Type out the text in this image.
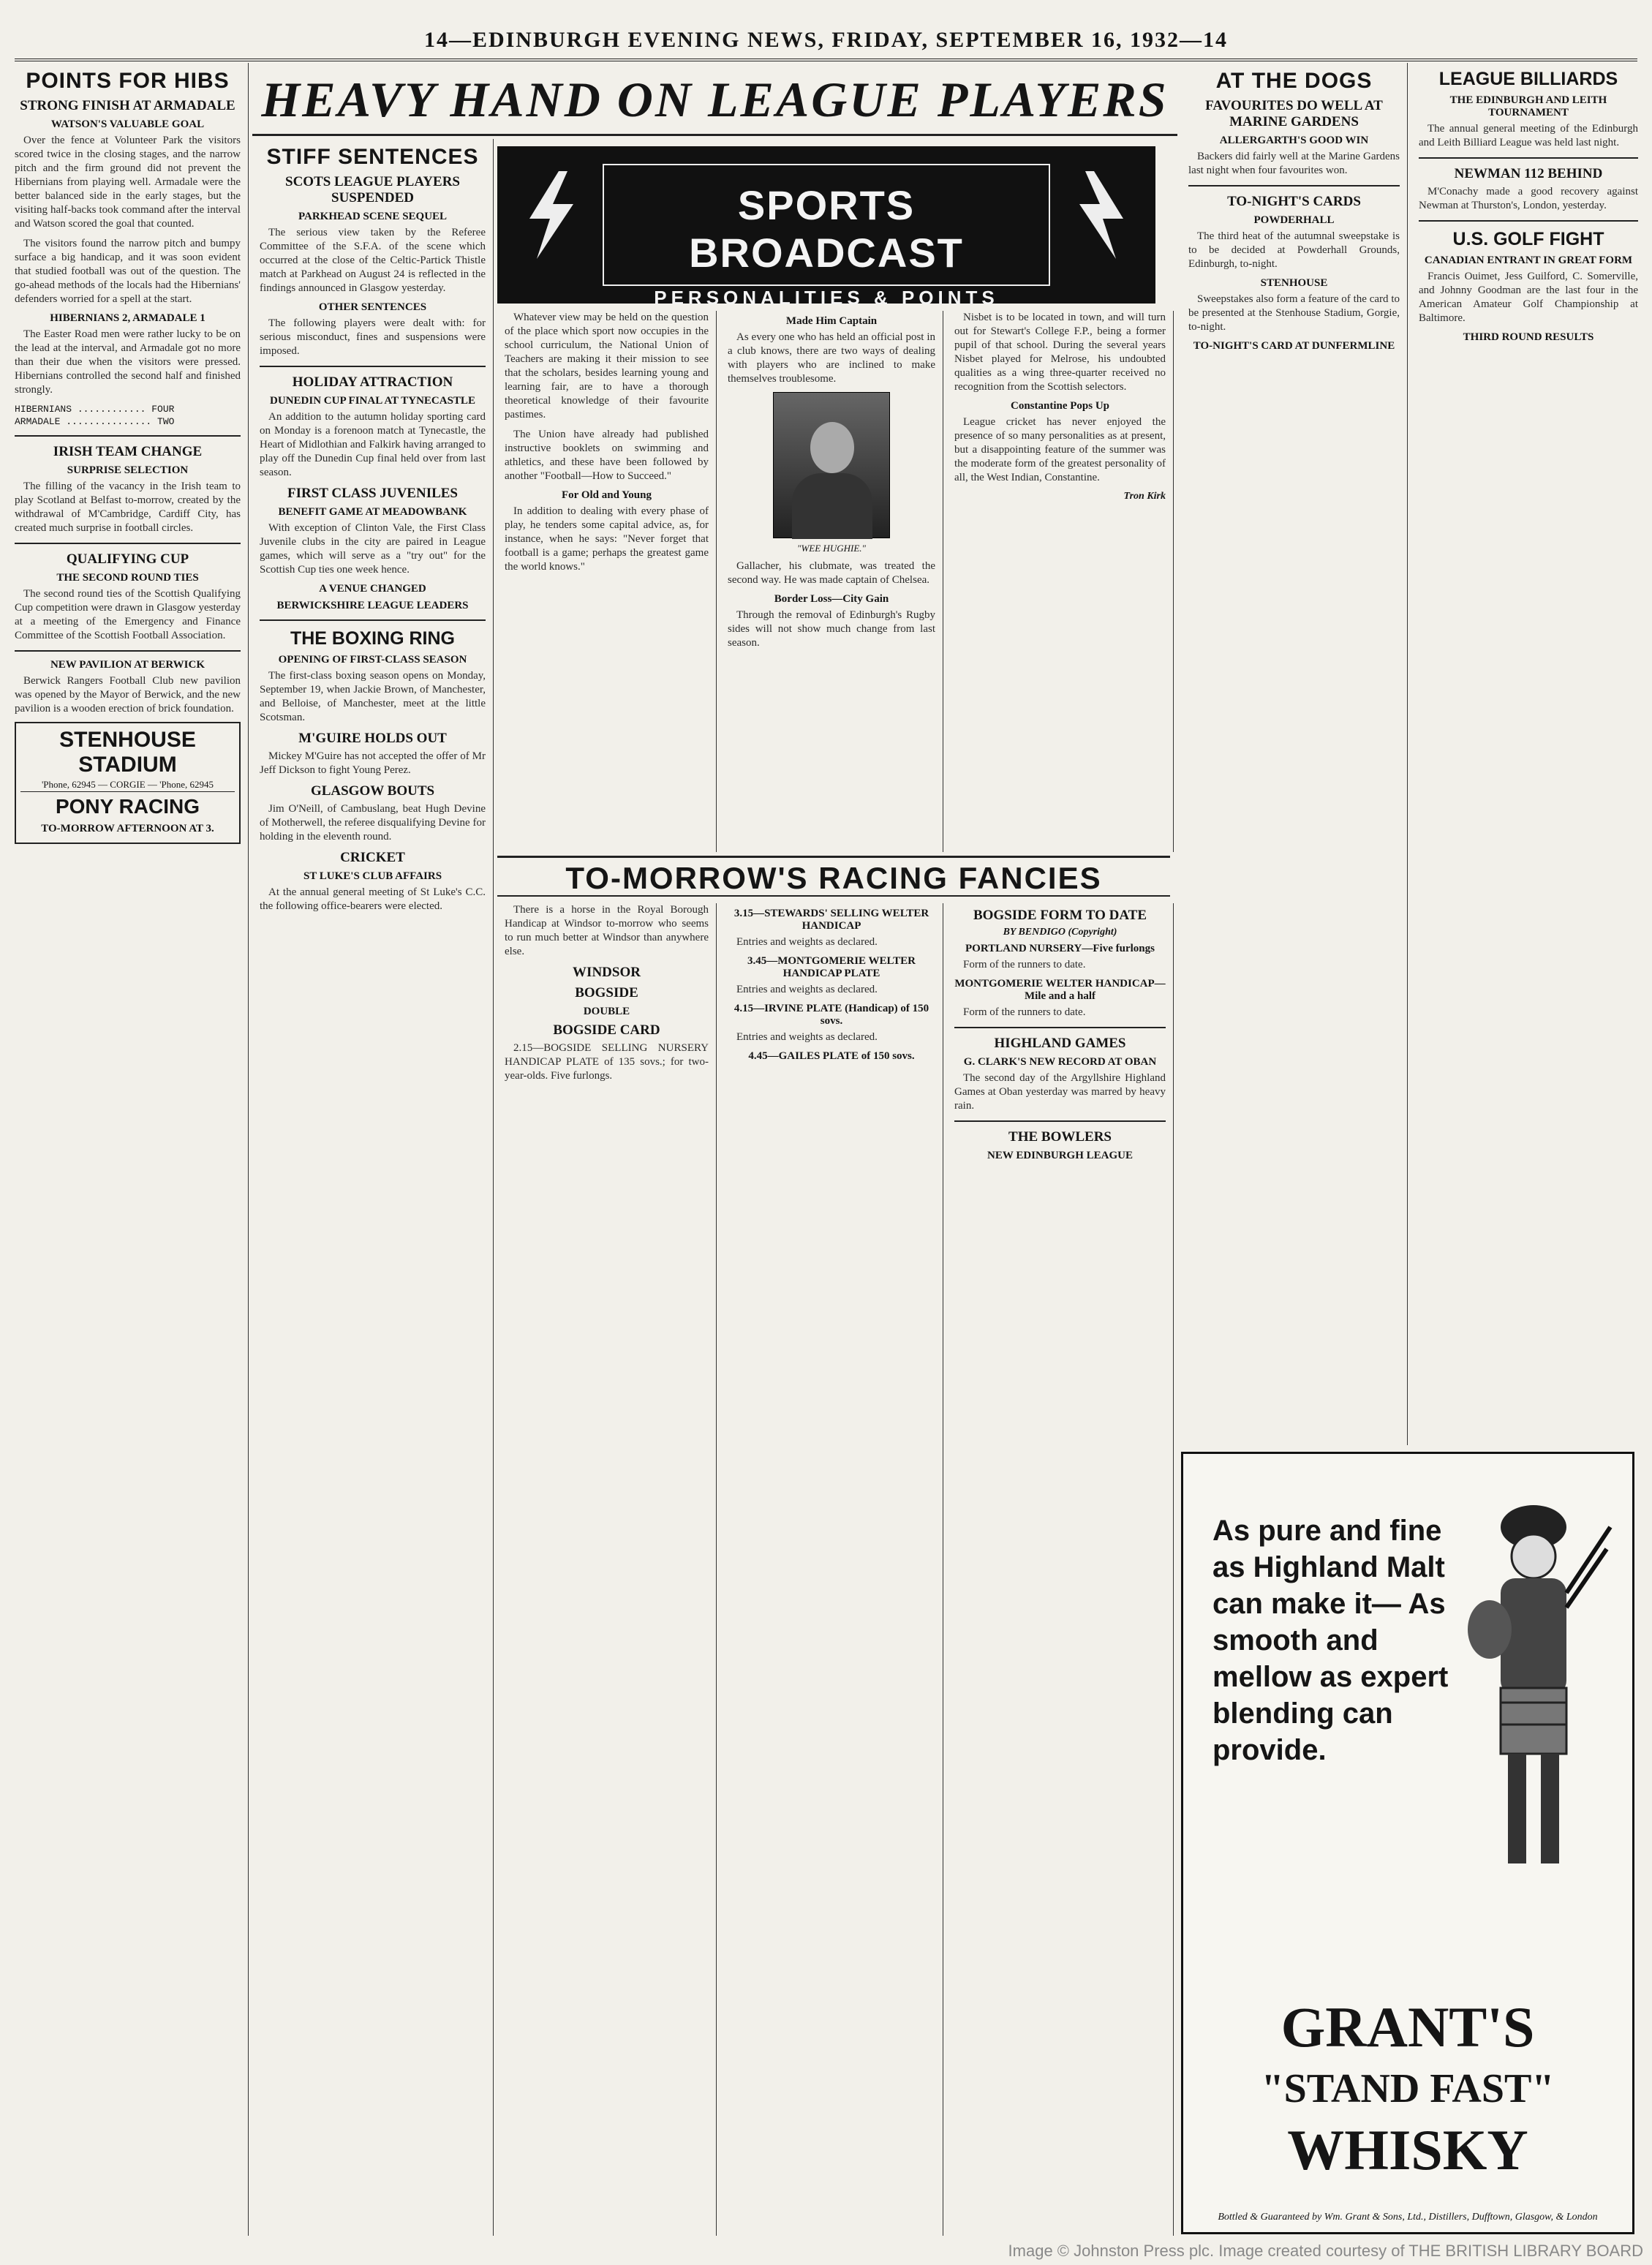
14—EDINBURGH EVENING NEWS, FRIDAY, SEPTEMBER 16, 1932—14
POINTS FOR HIBS
STRONG FINISH AT ARMADALE
WATSON'S VALUABLE GOAL

Over the fence at Volunteer Park the visitors scored twice in the closing stages, and the narrow pitch and the firm ground did not prevent the Hibernians from playing well. Armadale were the better balanced side in the early stages, but the visiting half-backs took command after the interval and Watson scored the goal that counted.

The visitors found the narrow pitch and bumpy surface a big handicap, and it was soon evident that studied football was out of the question. The go-ahead methods of the locals had the Hibernians' defenders worried for a spell at the start.

HIBERNIANS 2, ARMADALE 1

The Easter Road men were rather lucky to be on the lead at the interval, and Armadale got no more than their due when the visitors were pressed. Hibernians controlled the second half and finished strongly.

HIBERNIANS ............ FOUR
ARMADALE ............... TWO
IRISH TEAM CHANGE
SURPRISE SELECTION

The filling of the vacancy in the Irish team to play Scotland at Belfast to-morrow, created by the withdrawal of M'Cambridge, Cardiff City, has created much surprise in football circles.

QUALIFYING CUP
THE SECOND ROUND TIES

The second round ties of the Scottish Qualifying Cup competition were drawn in Glasgow yesterday at a meeting of the Emergency and Finance Committee of the Scottish Football Association.

NEW PAVILION AT BERWICK

Berwick Rangers Football Club new pavilion was opened by the Mayor of Berwick, and the new pavilion is a wooden erection of brick foundation.

STENHOUSE STADIUM
'Phone, 62945 — CORGIE — 'Phone, 62945
PONY RACING
TO-MORROW AFTERNOON AT 3.
HEAVY HAND ON LEAGUE PLAYERS
STIFF SENTENCES
SCOTS LEAGUE PLAYERS SUSPENDED
PARKHEAD SCENE SEQUEL

The serious view taken by the Referee Committee of the S.F.A. of the scene which occurred at the close of the Celtic-Partick Thistle match at Parkhead on August 24 is reflected in the findings announced in Glasgow yesterday.

OTHER SENTENCES

The following players were dealt with: for serious misconduct, fines and suspensions were imposed.

HOLIDAY ATTRACTION
DUNEDIN CUP FINAL AT TYNECASTLE

An addition to the autumn holiday sporting card on Monday is a forenoon match at Tynecastle, the Heart of Midlothian and Falkirk having arranged to play off the Dunedin Cup final held over from last season.

FIRST CLASS JUVENILES
BENEFIT GAME AT MEADOWBANK

With exception of Clinton Vale, the First Class Juvenile clubs in the city are paired in League games, which will serve as a "try out" for the Scottish Cup ties one week hence.

A VENUE CHANGED
BERWICKSHIRE LEAGUE LEADERS
THE BOXING RING
OPENING OF FIRST-CLASS SEASON

The first-class boxing season opens on Monday, September 19, when Jackie Brown, of Manchester, and Belloise, of Manchester, meet at the little Scotsman.

M'GUIRE HOLDS OUT

Mickey M'Guire has not accepted the offer of Mr Jeff Dickson to fight Young Perez.

GLASGOW BOUTS

Jim O'Neill, of Cambuslang, beat Hugh Devine of Motherwell, the referee disqualifying Devine for holding in the eleventh round.

CRICKET
ST LUKE'S CLUB AFFAIRS

At the annual general meeting of St Luke's C.C. the following office-bearers were elected.

SPORTS BROADCAST
PERSONALITIES & POINTS

Whatever view may be held on the question of the place which sport now occupies in the school curriculum, the National Union of Teachers are making it their mission to see that the scholars, besides learning young and learning fair, are to have a thorough theoretical knowledge of their favourite pastimes.

The Union have already had published instructive booklets on swimming and athletics, and these have been followed by another "Football—How to Succeed."

For Old and Young

In addition to dealing with every phase of play, he tenders some capital advice, as, for instance, when he says: "Never forget that football is a game; perhaps the greatest game the world knows."

Made Him Captain

As every one who has held an official post in a club knows, there are two ways of dealing with players who are inclined to make themselves troublesome.

"WEE HUGHIE."

Gallacher, his clubmate, was treated the second way. He was made captain of Chelsea.

Border Loss—City Gain

Through the removal of Edinburgh's Rugby sides will not show much change from last season.

Nisbet is to be located in town, and will turn out for Stewart's College F.P., being a former pupil of that school. During the several years Nisbet played for Melrose, his undoubted qualities as a wing three-quarter received no recognition from the Scottish selectors.

Constantine Pops Up

League cricket has never enjoyed the presence of so many personalities as at present, but a disappointing feature of the summer was the moderate form of the greatest personality of all, the West Indian, Constantine.

Tron Kirk
TO-MORROW'S RACING FANCIES

There is a horse in the Royal Borough Handicap at Windsor to-morrow who seems to run much better at Windsor than anywhere else.

WINDSOR
BOGSIDE
DOUBLE
BOGSIDE CARD

2.15—BOGSIDE SELLING NURSERY HANDICAP PLATE of 135 sovs.; for two-year-olds. Five furlongs.

3.15—STEWARDS' SELLING WELTER HANDICAP

Entries and weights as declared.

3.45—MONTGOMERIE WELTER HANDICAP PLATE

Entries and weights as declared.

4.15—IRVINE PLATE (Handicap) of 150 sovs.

Entries and weights as declared.

4.45—GAILES PLATE of 150 sovs.
BOGSIDE FORM TO DATE
BY BENDIGO (Copyright)
PORTLAND NURSERY—Five furlongs

Form of the runners to date.

MONTGOMERIE WELTER HANDICAP—Mile and a half

Form of the runners to date.

HIGHLAND GAMES
G. CLARK'S NEW RECORD AT OBAN

The second day of the Argyllshire Highland Games at Oban yesterday was marred by heavy rain.

THE BOWLERS
NEW EDINBURGH LEAGUE
AT THE DOGS
FAVOURITES DO WELL AT MARINE GARDENS
ALLERGARTH'S GOOD WIN

Backers did fairly well at the Marine Gardens last night when four favourites won.

TO-NIGHT'S CARDS
POWDERHALL

The third heat of the autumnal sweepstake is to be decided at Powderhall Grounds, Edinburgh, to-night.

STENHOUSE

Sweepstakes also form a feature of the card to be presented at the Stenhouse Stadium, Gorgie, to-night.

TO-NIGHT'S CARD AT DUNFERMLINE
LEAGUE BILLIARDS
THE EDINBURGH AND LEITH TOURNAMENT

The annual general meeting of the Edinburgh and Leith Billiard League was held last night.

NEWMAN 112 BEHIND

M'Conachy made a good recovery against Newman at Thurston's, London, yesterday.

U.S. GOLF FIGHT
CANADIAN ENTRANT IN GREAT FORM

Francis Ouimet, Jess Guilford, C. Somerville, and Johnny Goodman are the last four in the American Amateur Golf Championship at Baltimore.

THIRD ROUND RESULTS
As pure and fine as Highland Malt can make it— As smooth and mellow as expert blending can provide.
GRANT'S
"STAND FAST"
WHISKY
Bottled & Guaranteed by Wm. Grant & Sons, Ltd., Distillers, Dufftown, Glasgow, & London
Image © Johnston Press plc. Image created courtesy of THE BRITISH LIBRARY BOARD
